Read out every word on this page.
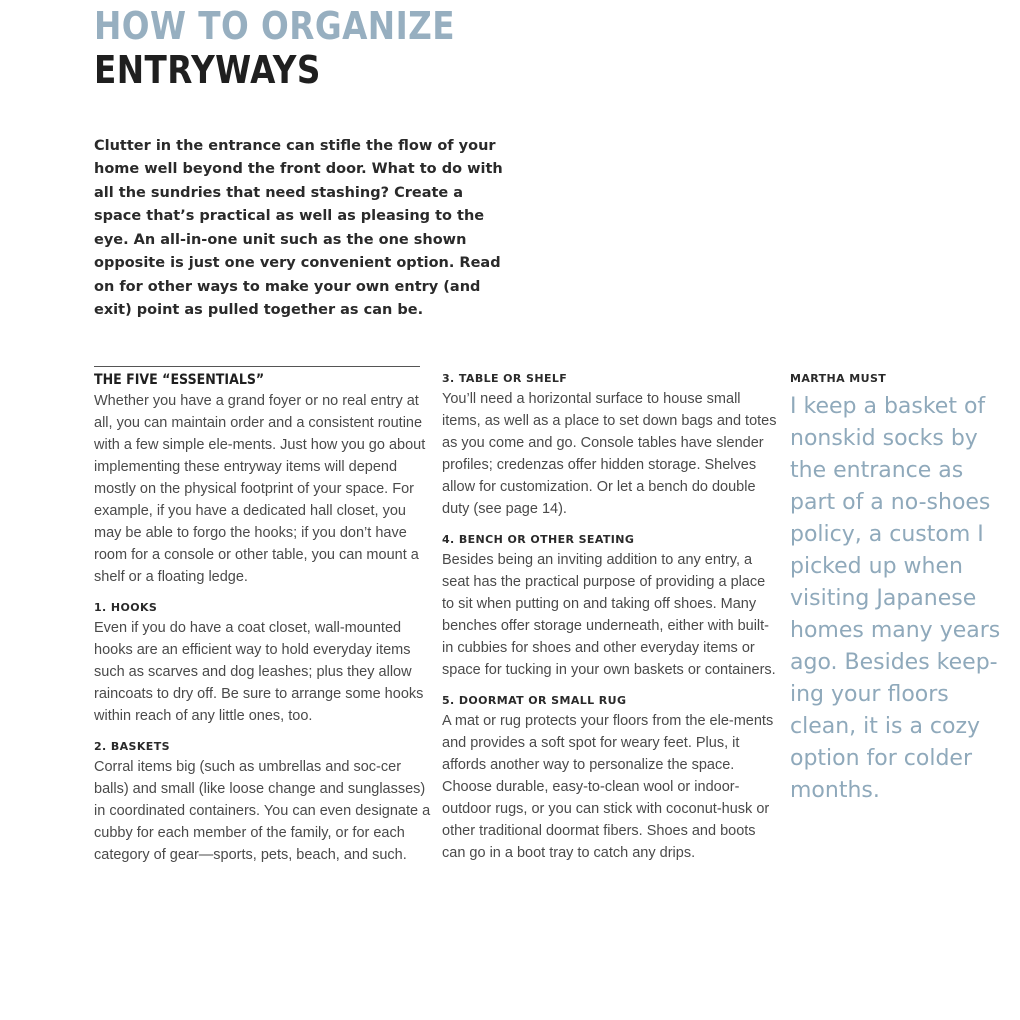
HOW TO ORGANIZE
ENTRYWAYS

Clutter in the entrance can stifle the flow of your home well beyond the front door. What to do with all the sundries that need stashing? Create a space that’s practical as well as pleasing to the eye. An all-in-one unit such as the one shown opposite is just one very convenient option. Read on for other ways to make your own entry (and exit) point as pulled together as can be.

THE FIVE “ESSENTIALS”

Whether you have a grand foyer or no real entry at all, you can maintain order and a consistent routine with a few simple ele-ments. Just how you go about implementing these entryway items will depend mostly on the physical footprint of your space. For example, if you have a dedicated hall closet, you may be able to forgo the hooks; if you don’t have room for a console or other table, you can mount a shelf or a floating ledge.

1. HOOKS

Even if you do have a coat closet, wall-mounted hooks are an efficient way to hold everyday items such as scarves and dog leashes; plus they allow raincoats to dry off. Be sure to arrange some hooks within reach of any little ones, too.

2. BASKETS

Corral items big (such as umbrellas and soc-cer balls) and small (like loose change and sunglasses) in coordinated containers. You can even designate a cubby for each member of the family, or for each category of gear—sports, pets, beach, and such.

3. TABLE OR SHELF

You’ll need a horizontal surface to house small items, as well as a place to set down bags and totes as you come and go. Console tables have slender profiles; credenzas offer hidden storage. Shelves allow for customization. Or let a bench do double duty (see page 14).

4. BENCH OR OTHER SEATING

Besides being an inviting addition to any entry, a seat has the practical purpose of providing a place to sit when putting on and taking off shoes. Many benches offer storage underneath, either with built-in cubbies for shoes and other everyday items or space for tucking in your own baskets or containers.

5. DOORMAT OR SMALL RUG

A mat or rug protects your floors from the ele-ments and provides a soft spot for weary feet. Plus, it affords another way to personalize the space. Choose durable, easy-to-clean wool or indoor-outdoor rugs, or you can stick with coconut-husk or other traditional doormat fibers. Shoes and boots can go in a boot tray to catch any drips.

MARTHA MUST

I keep a basket of nonskid socks by the entrance as part of a no-shoes policy, a custom I picked up when visiting Japanese homes many years ago. Besides keep-ing your floors clean, it is a cozy option for colder months.
